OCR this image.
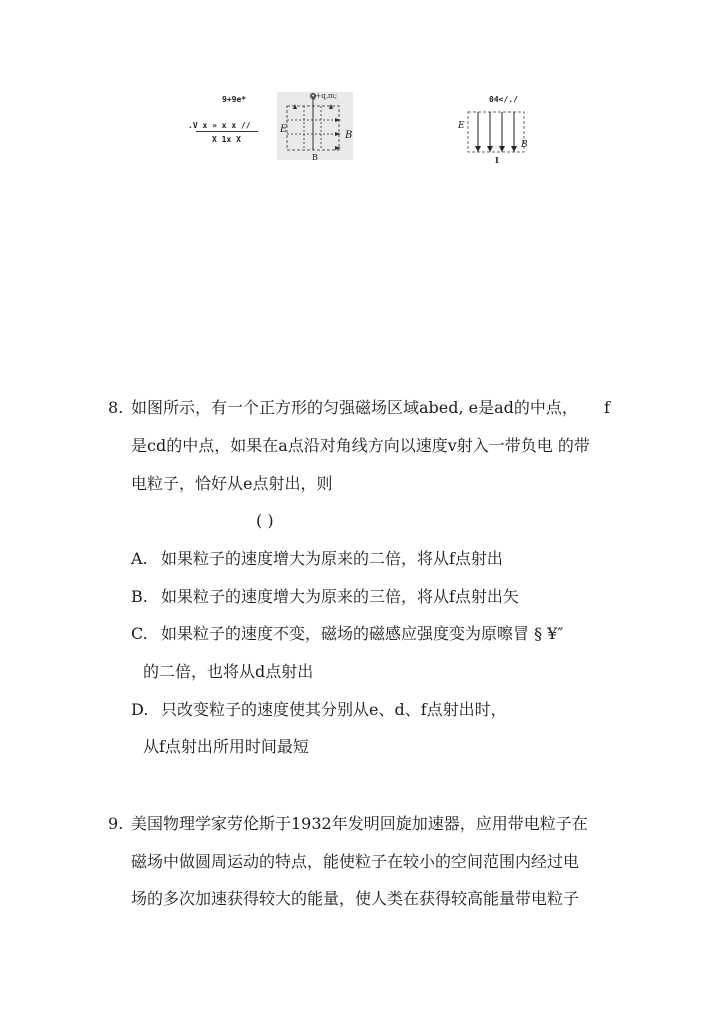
9+9e*
.V x » x x //
X 1x X
q+q,m;
E
B
B
04</./
E
B
I
8. 如图所示，有一个正方形的匀强磁场区域abed, e是ad的中点， f
是cd的中点，如果在a点沿对角线方向以速度v射入一带负电 的带
电粒子，恰好从e点射出，则
( )
A. 如果粒子的速度增大为原来的二倍，将从f点射出
B. 如果粒子的速度增大为原来的三倍，将从f点射出矢
C. 如果粒子的速度不变，磁场的磁感应强度变为原嚓冒 § ¥″
的二倍，也将从d点射出
D. 只改变粒子的速度使其分别从e、d、f点射出时，
从f点射出所用时间最短
9. 美国物理学家劳伦斯于1932年发明回旋加速器，应用带电粒子在
磁场中做圆周运动的特点，能使粒子在较小的空间范围内经过电
场的多次加速获得较大的能量，使人类在获得较高能量带电粒子
